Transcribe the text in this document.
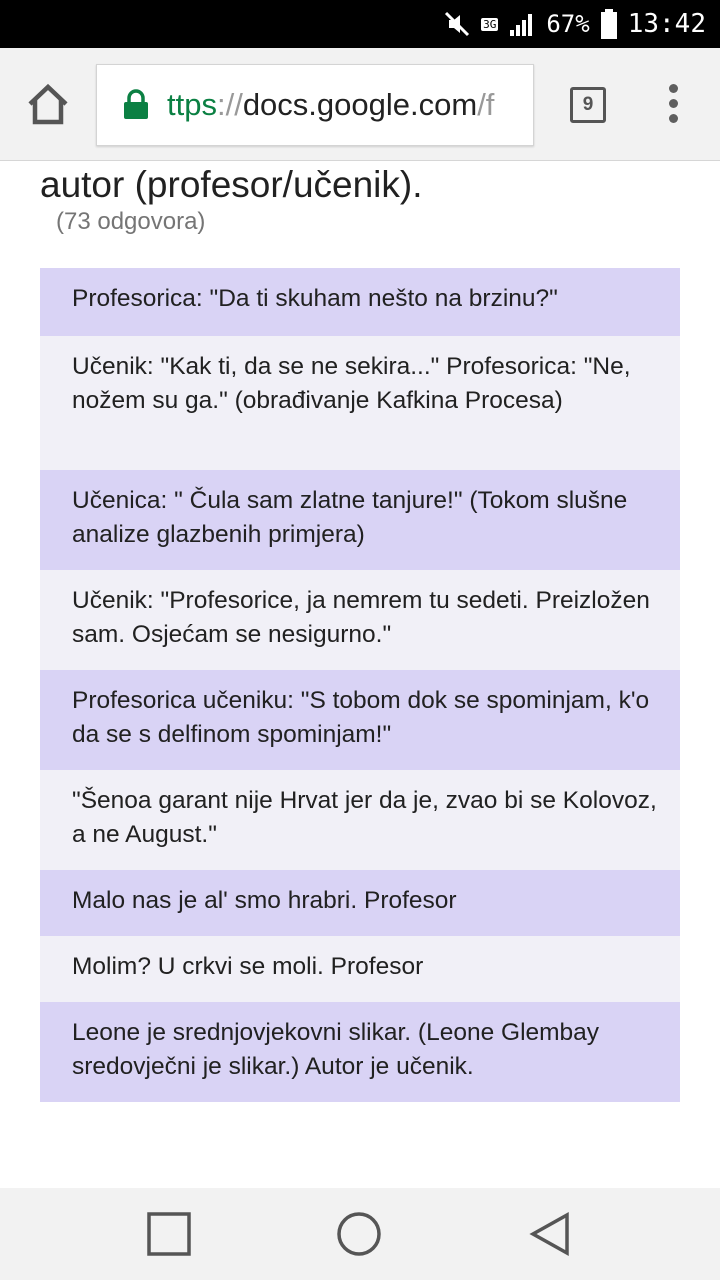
3G 67% 13:42
ttps://docs.google.com/f	9
autor (profesor/učenik).
(73 odgovora)
Profesorica: "Da ti skuham nešto na brzinu?"
Učenik: "Kak ti, da se ne sekira..." Profesorica: "Ne, nožem su ga." (obrađivanje Kafkina Procesa)
Učenica: " Čula sam zlatne tanjure!" (Tokom slušne analize glazbenih primjera)
Učenik: "Profesorice, ja nemrem tu sedeti. Preizložen sam. Osjećam se nesigurno."
Profesorica učeniku: "S tobom dok se spominjam, k'o da se s delfinom spominjam!"
"Šenoa garant nije Hrvat jer da je, zvao bi se Kolovoz, a ne August."
Malo nas je al' smo hrabri. Profesor
Molim? U crkvi se moli. Profesor
Leone je srednjovjekovni slikar. (Leone Glembay sredovječni je slikar.) Autor je učenik.
